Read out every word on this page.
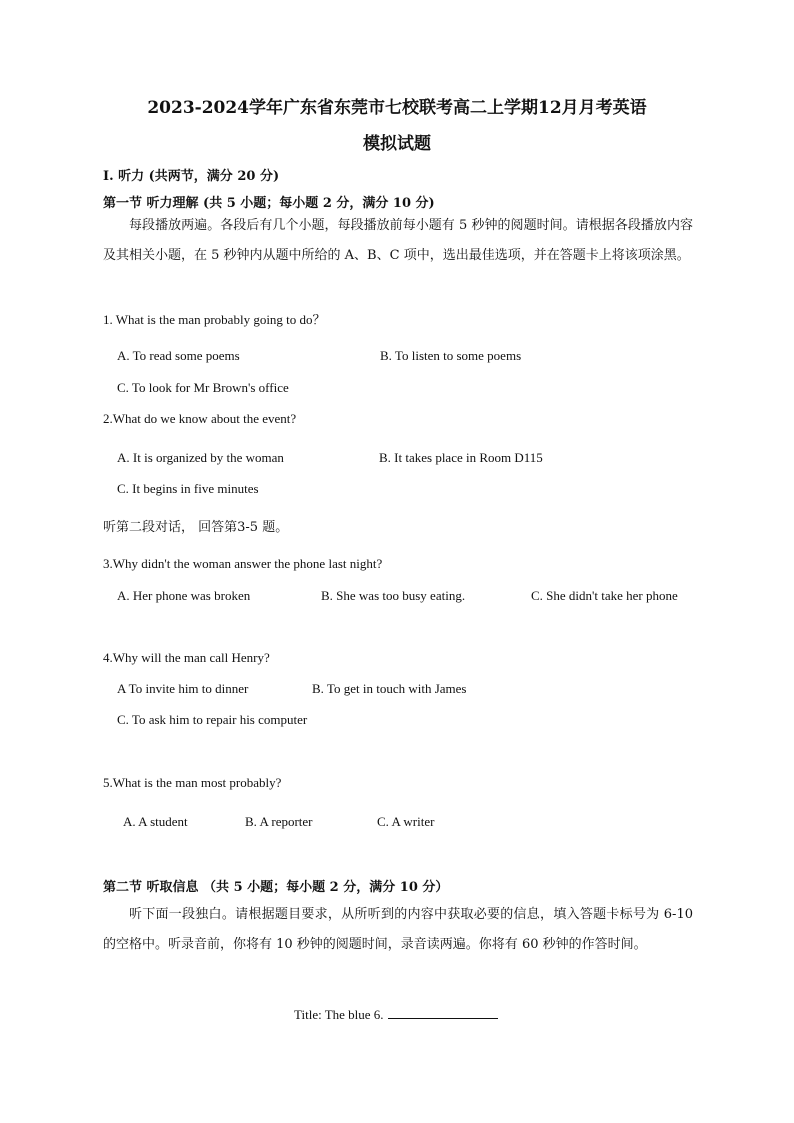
2023-2024学年广东省东莞市七校联考高二上学期12月月考英语
模拟试题
I. 听力 (共两节，满分 20 分)
第一节 听力理解 (共 5 小题；每小题 2 分，满分 10 分)
每段播放两遍。各段后有几个小题，每段播放前每小题有 5 秒钟的阅题时间。请根据各段播放内容及其相关小题，在 5 秒钟内从题中所给的 A、B、C 项中，选出最佳选项，并在答题卡上将该项涂黑。
1. What is the man probably going to do？
A. To read some poems	B. To listen to some poems
C. To look for Mr Brown's office
2.What do we know about the event?
A. It is organized by the woman	B. It takes place in Room D115
C. It begins in five minutes
听第二段对话， 回答第3-5 题。
3.Why didn't the woman answer the phone last night?
A. Her phone was broken	B. She was too busy eating.	C. She didn't take her phone
4.Why will the man call Henry?
A To invite him to dinner	B. To get in touch with James
C. To ask him to repair his computer
5.What is the man most probably?
A. A student	B. A reporter	C. A writer
第二节 听取信息 （共 5 小题；每小题 2 分，满分 10 分）
听下面一段独白。请根据题目要求，从所听到的内容中获取必要的信息，填入答题卡标号为 6-10 的空格中。听录音前，你将有 10 秒钟的阅题时间，录音读两遍。你将有 60 秒钟的作答时间。
Title: The blue 6.
